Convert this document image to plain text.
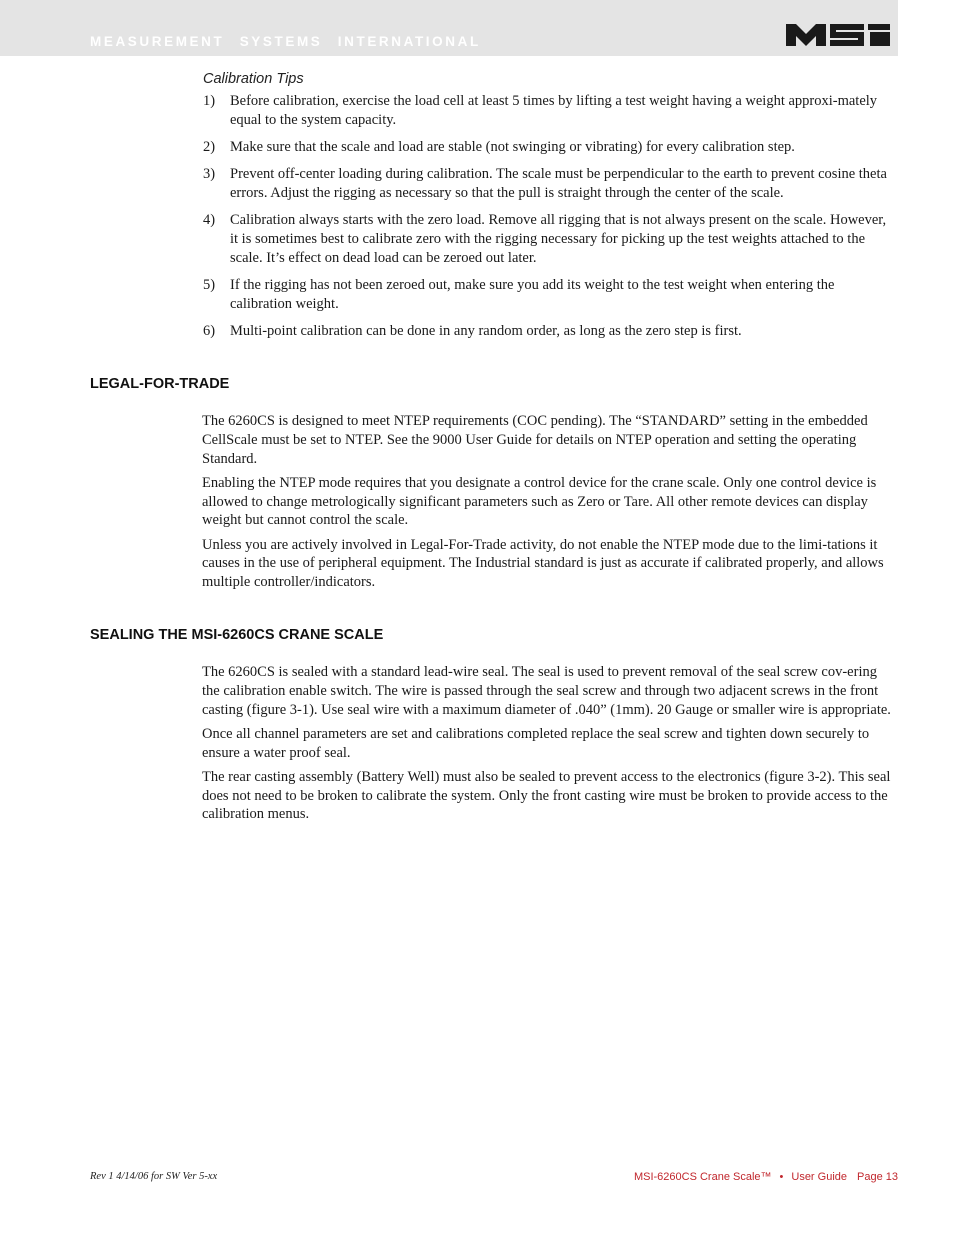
MEASUREMENT SYSTEMS INTERNATIONAL
Calibration Tips
1) Before calibration, exercise the load cell at least 5 times by lifting a test weight having a weight approxi-mately equal to the system capacity.
2) Make sure that the scale and load are stable (not swinging or vibrating) for every calibration step.
3) Prevent off-center loading during calibration. The scale must be perpendicular to the earth to prevent cosine theta errors. Adjust the rigging as necessary so that the pull is straight through the center of the scale.
4) Calibration always starts with the zero load. Remove all rigging that is not always present on the scale. However, it is sometimes best to calibrate zero with the rigging necessary for picking up the test weights attached to the scale. It’s effect on dead load can be zeroed out later.
5) If the rigging has not been zeroed out, make sure you add its weight to the test weight when entering the calibration weight.
6) Multi-point calibration can be done in any random order, as long as the zero step is first.
LEGAL-FOR-TRADE

The 6260CS is designed to meet NTEP requirements (COC pending). The “STANDARD” setting in the embedded CellScale must be set to NTEP. See the 9000 User Guide for details on NTEP operation and setting the operating Standard.

Enabling the NTEP mode requires that you designate a control device for the crane scale. Only one control device is allowed to change metrologically significant parameters such as Zero or Tare. All other remote devices can display weight but cannot control the scale.

Unless you are actively involved in Legal-For-Trade activity, do not enable the NTEP mode due to the limi-tations it causes in the use of peripheral equipment. The Industrial standard is just as accurate if calibrated properly, and allows multiple controller/indicators.

SEALING THE MSI-6260CS CRANE SCALE

The 6260CS is sealed with a standard lead-wire seal. The seal is used to prevent removal of the seal screw cov-ering the calibration enable switch. The wire is passed through the seal screw and through two adjacent screws in the front casting (figure 3-1). Use seal wire with a maximum diameter of .040” (1mm). 20 Gauge or smaller wire is appropriate.

Once all channel parameters are set and calibrations completed replace the seal screw and tighten down securely to ensure a water proof seal.

The rear casting assembly (Battery Well) must also be sealed to prevent access to the electronics (figure 3-2). This seal does not need to be broken to calibrate the system. Only the front casting wire must be broken to provide access to the calibration menus.

Rev 1 4/14/06 for SW Ver 5-xx	MSI-6260CS Crane Scale™ • User Guide Page 13
